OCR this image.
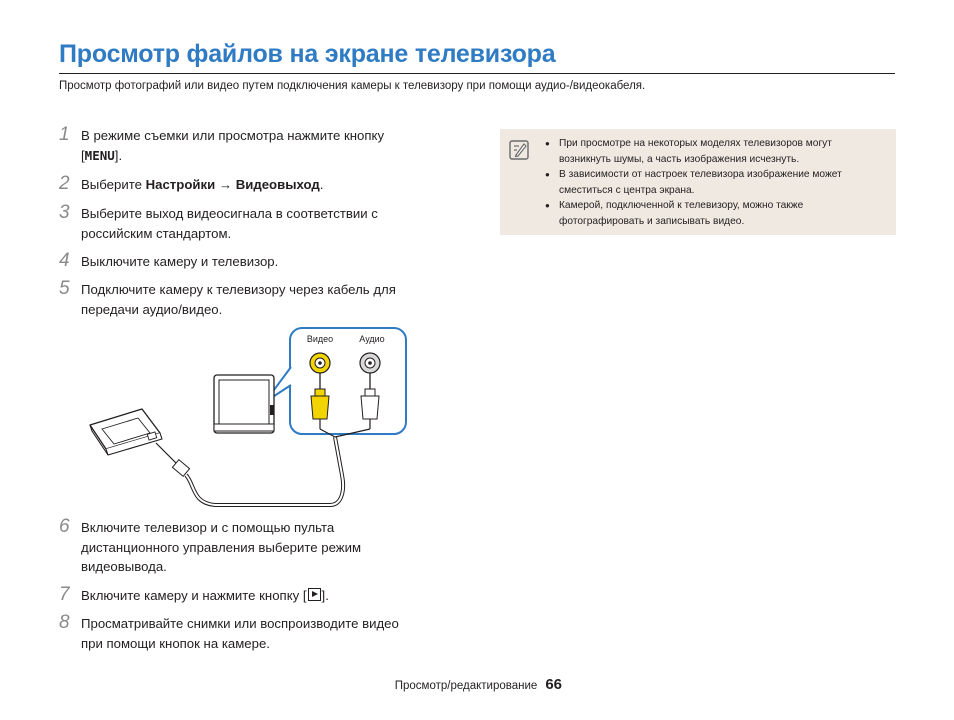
Просмотр файлов на экране телевизора
Просмотр фотографий или видео путем подключения камеры к телевизору при помощи аудио-/видеокабеля.
1 В режиме съемки или просмотра нажмите кнопку [MENU].
2 Выберите Настройки → Видеовыход.
3 Выберите выход видеосигнала в соответствии с российским стандартом.
4 Выключите камеру и телевизор.
5 Подключите камеру к телевизору через кабель для передачи аудио/видео.
Видео	Аудио
6 Включите телевизор и с помощью пульта дистанционного управления выберите режим видеовывода.
7 Включите камеру и нажмите кнопку [ ].
8 Просматривайте снимки или воспроизводите видео при помощи кнопок на камере.
● При просмотре на некоторых моделях телевизоров могут возникнуть шумы, а часть изображения исчезнуть.
● В зависимости от настроек телевизора изображение может сместиться с центра экрана.
● Камерой, подключенной к телевизору, можно также фотографировать и записывать видео.
Просмотр/редактирование 66
